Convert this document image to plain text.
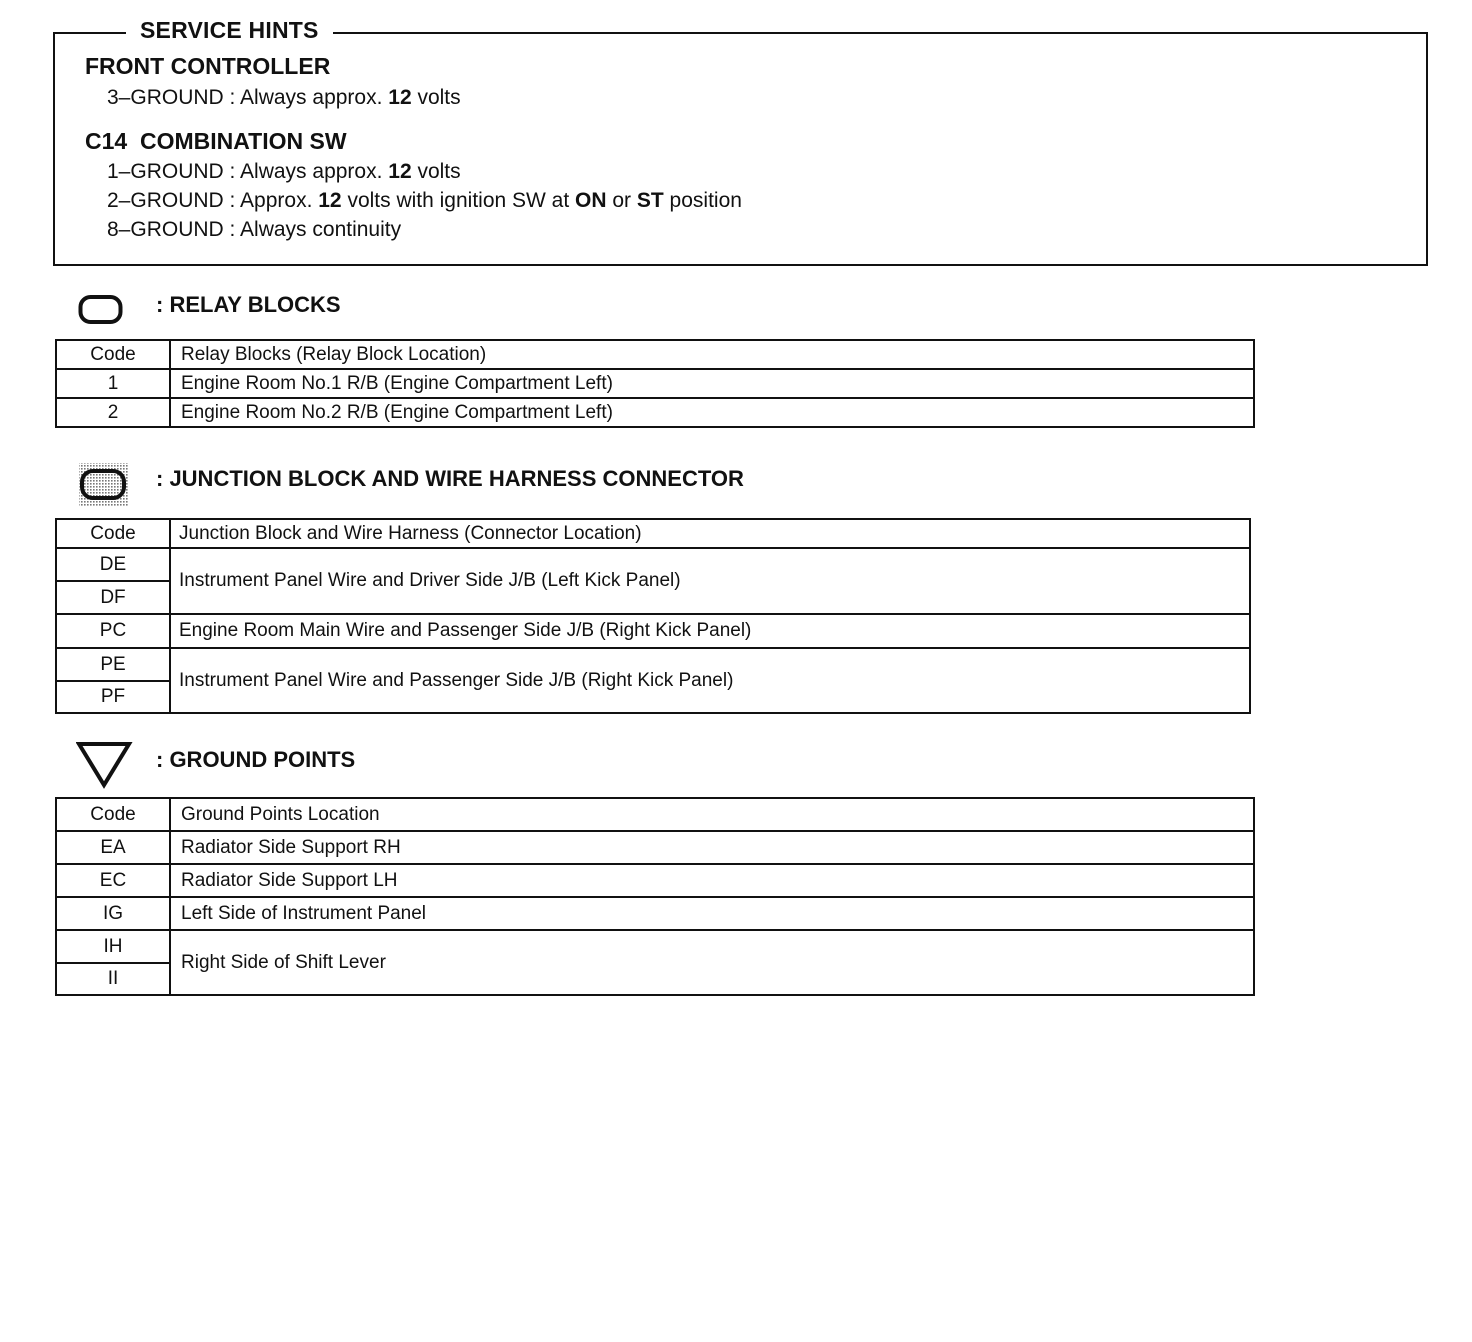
SERVICE HINTS
FRONT CONTROLLER
3–GROUND : Always approx. 12 volts
C14  COMBINATION SW
1–GROUND : Always approx. 12 volts
2–GROUND : Approx. 12 volts with ignition SW at ON or ST position
8–GROUND : Always continuity
: RELAY BLOCKS
Code	Relay Blocks (Relay Block Location)
1	Engine Room No.1 R/B (Engine Compartment Left)
2	Engine Room No.2 R/B (Engine Compartment Left)
: JUNCTION BLOCK AND WIRE HARNESS CONNECTOR
Code	Junction Block and Wire Harness (Connector Location)
DE	Instrument Panel Wire and Driver Side J/B (Left Kick Panel)
DF	
PC	Engine Room Main Wire and Passenger Side J/B (Right Kick Panel)
PE	Instrument Panel Wire and Passenger Side J/B (Right Kick Panel)
PF	
: GROUND POINTS
Code	Ground Points Location
EA	Radiator Side Support RH
EC	Radiator Side Support LH
IG	Left Side of Instrument Panel
IH	Right Side of Shift Lever
II	
